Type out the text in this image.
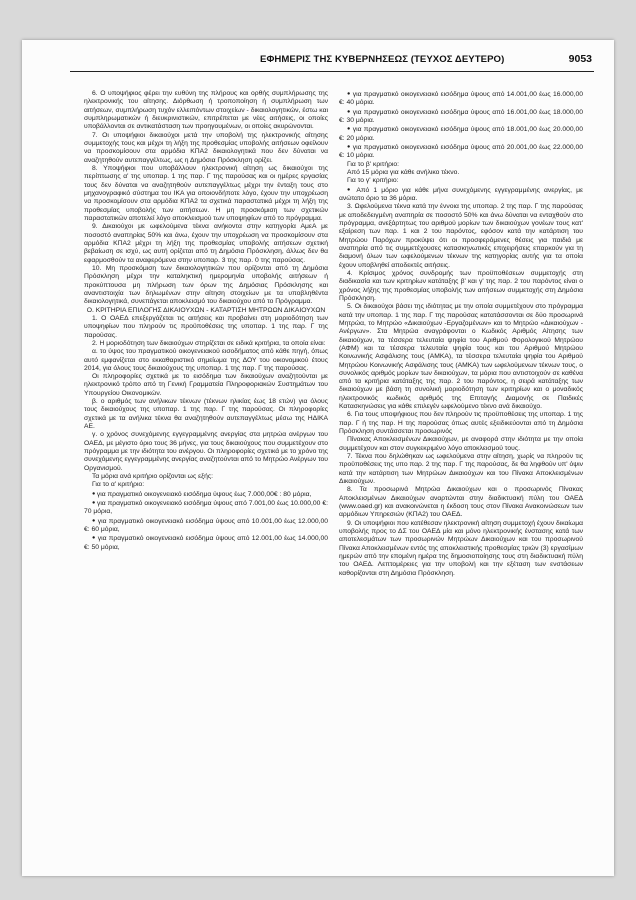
ΕΦΗΜΕΡΙΣ ΤΗΣ ΚΥΒΕΡΝΗΣΕΩΣ (ΤΕΥΧΟΣ ΔΕΥΤΕΡΟ)	9053

6. Ο υποψήφιος φέρει την ευθύνη της πλήρους και ορθής συμπλήρωσης της ηλεκτρονικής του αίτησης. Διόρθωση ή τροποποίηση ή συμπλήρωση των αιτήσεων, συμπλήρωση τυχόν ελλειπόντων στοιχείων - δικαιολογητικών, έστω και συμπληρωματικών ή διευκρινιστικών, επιτρέπεται με νέες αιτήσεις, οι οποίες υποβάλλονται σε αντικατάσταση των προηγουμένων, οι οποίες ακυρώνονται.

7. Οι υποψήφιοι δικαιούχοι μετά την υποβολή της ηλεκτρονικής αίτησης συμμετοχής τους και μέχρι τη λήξη της προθεσμίας υποβολής αιτήσεων οφείλουν να προσκομίσουν στα αρμόδια ΚΠΑ2 δικαιολογητικά που δεν δύναται να αναζητηθούν αυτεπαγγέλτως, ως η Δημόσια Πρόσκληση ορίζει.

8. Υποψήφιοι που υποβάλλουν ηλεκτρονική αίτηση ως δικαιούχοι της περίπτωσης α' της υποπαρ. 1 της παρ. Γ της παρούσας και οι ημέρες εργασίας τους δεν δύναται να αναζητηθούν αυτεπαγγέλτως μέχρι την ένταξη τους στο μηχανογραφικό σύστημα του ΙΚΑ για οποιονδήποτε λόγο, έχουν την υποχρέωση να προσκομίσουν στα αρμόδια ΚΠΑ2 τα σχετικά παραστατικά μέχρι τη λήξη της προθεσμίας υποβολής των αιτήσεων. Η μη προσκόμιση των σχετικών παραστατικών αποτελεί λόγο αποκλεισμού των υποψηφίων από το πρόγραμμα.

9. Δικαιούχοι με ωφελούμενα τέκνα ανήκοντα στην κατηγορία ΑμεΑ με ποσοστό αναπηρίας 50% και άνω, έχουν την υποχρέωση να προσκομίσουν στα αρμόδια ΚΠΑ2 μέχρι τη λήξη της προθεσμίας υποβολής αιτήσεων σχετική βεβαίωση σε ισχύ, ως αυτή ορίζεται από τη Δημόσια Πρόσκληση, άλλως δεν θα εφαρμοσθούν τα αναφερόμενα στην υποπαρ. 3 της παρ. 0 της παρούσας.

10. Μη προσκόμιση των δικαιολογητικών που ορίζονται από τη Δημόσια Πρόσκληση μέχρι την καταληκτική ημερομηνία υποβολής αιτήσεων ή προκύπτουσα μη πλήρωση των όρων της Δημόσιας Πρόσκλησης και αναντιστοιχία των δηλωμένων στην αίτηση στοιχείων με τα υποβληθέντα δικαιολογητικά, συνεπάγεται αποκλεισμό του δικαιούχου από το Πρόγραμμα.

Ο. ΚΡΙΤΗΡΙΑ ΕΠΙΛΟΓΗΣ ΔΙΚΑΙΟΥΧΩΝ - ΚΑΤΑΡΤΙΣΗ ΜΗΤΡΩΩΝ ΔΙΚΑΙΟΥΧΩΝ

1. Ο ΟΑΕΔ επεξεργάζεται τις αιτήσεις και προβαίνει στη μοριοδότηση των υποψηφίων που πληρούν τις προϋποθέσεις της υποπαρ. 1 της παρ. Γ της παρούσας.

2. Η μοριοδότηση των δικαιούχων στηρίζεται σε ειδικά κριτήρια, τα οποία είναι:

α. το ύψος του πραγματικού οικογενειακού εισοδήματος από κάθε πηγή, όπως αυτό εμφανίζεται στο εκκαθαριστικό σημείωμα της ΔΟΥ του οικονομικού έτους 2014, για όλους τους δικαιούχους της υποπαρ. 1 της παρ. Γ της παρούσας.

Οι πληροφορίες σχετικά με το εισόδημα των δικαιούχων αναζητούνται με ηλεκτρονικό τρόπο από τη Γενική Γραμματεία Πληροφοριακών Συστημάτων του Υπουργείου Οικονομικών.

β. ο αριθμός των ανήλικων τέκνων (τέκνων ηλικίας έως 18 ετών) για όλους τους δικαιούχους της υποπαρ. 1 της παρ. Γ της παρούσας. Οι πληροφορίες σχετικά με τα ανήλικα τέκνα θα αναζητηθούν αυτεπαγγέλτως μέσω της ΗΔΙΚΑ ΑΕ.

γ. ο χρόνος συνεχόμενης εγγεγραμμένης ανεργίας στα μητρώα ανέργων του ΟΑΕΔ, με μέγιστο όριο τους 36 μήνες, για τους δικαιούχους που συμμετέχουν στο πρόγραμμα με την ιδιότητα του ανέργου. Οι πληροφορίες σχετικά με το χρόνο της συνεχόμενης εγγεγραμμένης ανεργίας αναζητούνται από το Μητρώο Ανέργων του Οργανισμού.

Τα μόρια ανά κριτήριο ορίζονται ως εξής:

Για το α' κριτήριο:

● για πραγματικό οικογενειακό εισόδημα ύψους έως 7.000,00€ : 80 μόρια,

● για πραγματικό οικογενειακό εισόδημα ύψους από 7.001,00 έως 10.000,00 €: 70 μόρια,

● για πραγματικό οικογενειακό εισόδημα ύψους από 10.001,00 έως 12.000,00 €: 60 μόρια,

● για πραγματικό οικογενειακό εισόδημα ύψους από 12.001,00 έως 14.000,00 €: 50 μόρια,

● για πραγματικό οικογενειακό εισόδημα ύψους από 14.001,00 έως 16.000,00 €: 40 μόρια.

● για πραγματικό οικογενειακό εισόδημα ύψους από 16.001,00 έως 18.000,00 €: 30 μόρια.

● για πραγματικό οικογενειακό εισόδημα ύψους από 18.001,00 έως 20.000,00 €: 20 μόρια.

● για πραγματικό οικογενειακό εισόδημα ύψους από 20.001,00 έως 22.000,00 €: 10 μόρια.

Για το β' κριτήριο:

Από 15 μόρια για κάθε ανήλικο τέκνο.

Για το γ' κριτήριο:

● Από 1 μόριο για κάθε μήνα συνεχόμενης εγγεγραμμένης ανεργίας, με ανώτατο όριο τα 36 μόρια.

3. Ωφελούμενα τέκνα κατά την έννοια της υποπαρ. 2 της παρ. Γ της παρούσας με αποδεδειγμένη αναπηρία σε ποσοστό 50% και άνω δύναται να ενταχθούν στο πρόγραμμα, ανεξάρτητως του αριθμού μορίων των δικαιούχων γονέων τους κατ' εξαίρεση των παρ. 1 και 2 του παρόντος, εφόσον κατά την κατάρτιση του Μητρώου Παρόχων προκύψει ότι οι προσφερόμενες θέσεις για παιδιά με αναπηρία από τις συμμετέχουσες κατασκηνωτικές επιχειρήσεις επαρκούν για τη διαμονή όλων των ωφελούμενων τέκνων της κατηγορίας αυτής για τα οποία έχουν υποβληθεί αποδεκτές αιτήσεις.

4. Κρίσιμος χρόνος συνδρομής των προϋποθέσεων συμμετοχής στη διαδικασία και των κριτηρίων κατάταξης β' και γ' της παρ. 2 του παρόντος είναι ο χρόνος λήξης της προθεσμίας υποβολής των αιτήσεων συμμετοχής στη Δημόσια Πρόσκληση.

5. Οι δικαιούχοι βάσει της ιδιότητας με την οποία συμμετέχουν στο πρόγραμμα κατά την υποπαρ. 1 της παρ. Γ της παρούσας κατατάσσονται σε δύο προσωρινά Μητρώα, το Μητρώο «Δικαιούχων -Εργαζομένων» και το Μητρώο «Δικαιούχων - Ανέργων». Στα Μητρώα αναγράφονται ο Κωδικός Αριθμός Αίτησης των δικαιούχων, τα τέσσερα τελευταία ψηφία του Αριθμού Φορολογικού Μητρώου (ΑΦΜ) και τα τέσσερα τελευταία ψηφία τους και του Αριθμού Μητρώου Κοινωνικής Ασφάλισης τους (ΑΜΚΑ), τα τέσσερα τελευταία ψηφία του Αριθμού Μητρώου Κοινωνικής Ασφάλισης τους (ΑΜΚΑ) των ωφελούμενων τέκνων τους, ο συνολικός αριθμός μορίων των δικαιούχων, τα μόρια που αντιστοιχούν σε καθένα από τα κριτήρια κατάταξης της παρ. 2 του παρόντος, η σειρά κατάταξης των δικαιούχων με βάση τη συνολική μοριοδότηση των κριτηρίων και ο μοναδικός ηλεκτρονικός κωδικός αριθμός της Επιταγής Διαμονής σε Παιδικές Κατασκηνώσεις για κάθε επιλεγέν ωφελούμενο τέκνο ανά δικαιούχο.

6. Για τους υποψήφιους που δεν πληρούν τις προϋποθέσεις της υποπαρ. 1 της παρ. Γ ή της παρ. Η της παρούσας όπως αυτές εξειδικεύονται από τη Δημόσια Πρόσκληση συντάσσεται προσωρινός

Πίνακας Αποκλεισμένων Δικαιούχων, με αναφορά στην ιδιότητα με την οποία συμμετέχουν και στον συγκεκριμένο λόγο αποκλεισμού τους.

7. Τέκνα που δηλώθηκαν ως ωφελούμενα στην αίτηση, χωρίς να πληρούν τις προϋποθέσεις της υπο παρ. 2 της παρ. Γ της παρούσας, δε θα ληφθούν υπ' όψιν κατά την κατάρτιση των Μητρώων Δικαιούχων και του Πίνακα Αποκλεισμένων Δικαιούχων.

8. Τα προσωρινά Μητρώα Δικαιούχων και ο προσωρινός Πίνακας Αποκλεισμένων Δικαιούχων αναρτώνται στην διαδικτυακή πύλη του ΟΑΕΔ (www.oaed.gr) και ανακοινώνεται η έκδοση τους στον Πίνακα Ανακοινώσεων των αρμόδιων Υπηρεσιών (ΚΠΑ2) του ΟΑΕΔ.

9. Οι υποψήφιοι που κατέθεσαν ηλεκτρονική αίτηση συμμετοχή έχουν δικαίωμα υποβολής προς το ΔΣ του ΟΑΕΔ μία και μόνο ηλεκτρονικής ένστασης κατά των αποτελεσμάτων των προσωρινών Μητρώων Δικαιούχων και του προσωρινού Πίνακα Αποκλεισμένων εντός της αποκλειστικής προθεσμίας τριών (3) εργασίμων ημερών από την επομένη ημέρα της δημοσιοποίησης τους στη διαδικτυακή πύλη του ΟΑΕΔ. Λεπτομέρειες για την υποβολή και την εξέταση των ενστάσεων καθορίζονται στη Δημόσια Πρόσκληση.
